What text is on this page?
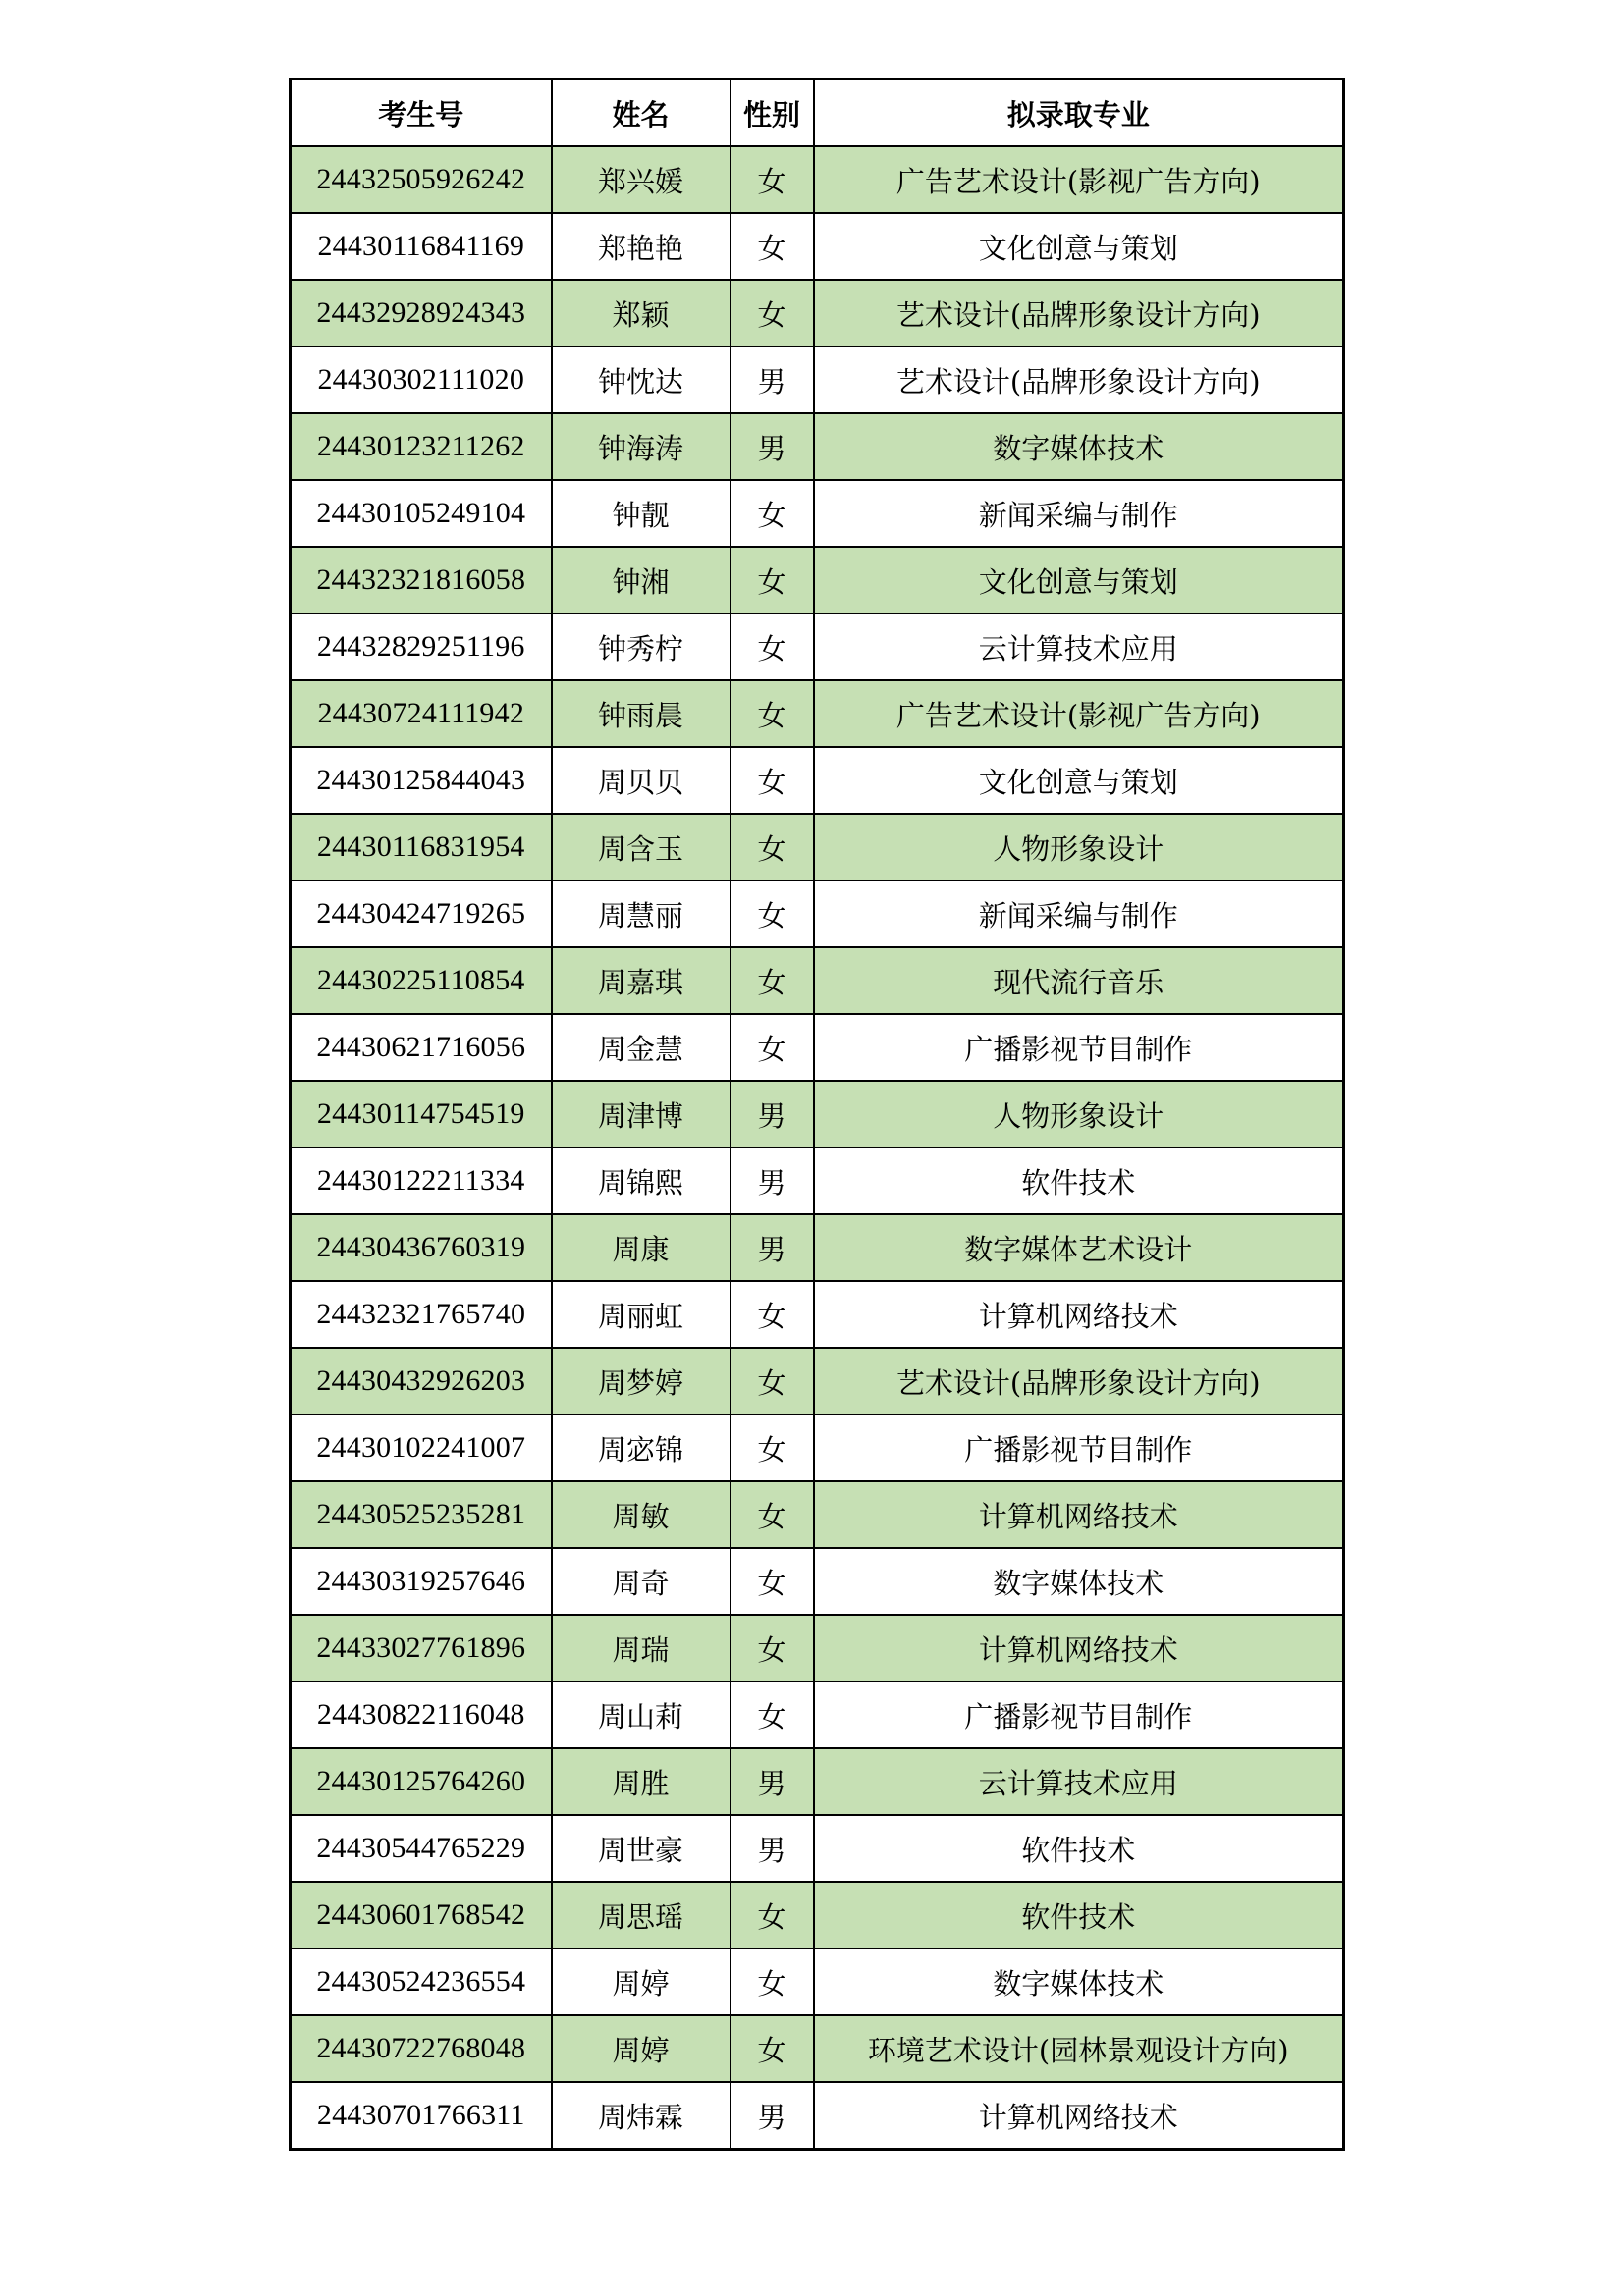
考生号	姓名	性别	拟录取专业
24432505926242	郑兴媛	女	广告艺术设计(影视广告方向)
24430116841169	郑艳艳	女	文化创意与策划
24432928924343	郑颖	女	艺术设计(品牌形象设计方向)
24430302111020	钟忱达	男	艺术设计(品牌形象设计方向)
24430123211262	钟海涛	男	数字媒体技术
24430105249104	钟靓	女	新闻采编与制作
24432321816058	钟湘	女	文化创意与策划
24432829251196	钟秀柠	女	云计算技术应用
24430724111942	钟雨晨	女	广告艺术设计(影视广告方向)
24430125844043	周贝贝	女	文化创意与策划
24430116831954	周含玉	女	人物形象设计
24430424719265	周慧丽	女	新闻采编与制作
24430225110854	周嘉琪	女	现代流行音乐
24430621716056	周金慧	女	广播影视节目制作
24430114754519	周津博	男	人物形象设计
24430122211334	周锦熙	男	软件技术
24430436760319	周康	男	数字媒体艺术设计
24432321765740	周丽虹	女	计算机网络技术
24430432926203	周梦婷	女	艺术设计(品牌形象设计方向)
24430102241007	周宓锦	女	广播影视节目制作
24430525235281	周敏	女	计算机网络技术
24430319257646	周奇	女	数字媒体技术
24433027761896	周瑞	女	计算机网络技术
24430822116048	周山莉	女	广播影视节目制作
24430125764260	周胜	男	云计算技术应用
24430544765229	周世豪	男	软件技术
24430601768542	周思瑶	女	软件技术
24430524236554	周婷	女	数字媒体技术
24430722768048	周婷	女	环境艺术设计(园林景观设计方向)
24430701766311	周炜霖	男	计算机网络技术
